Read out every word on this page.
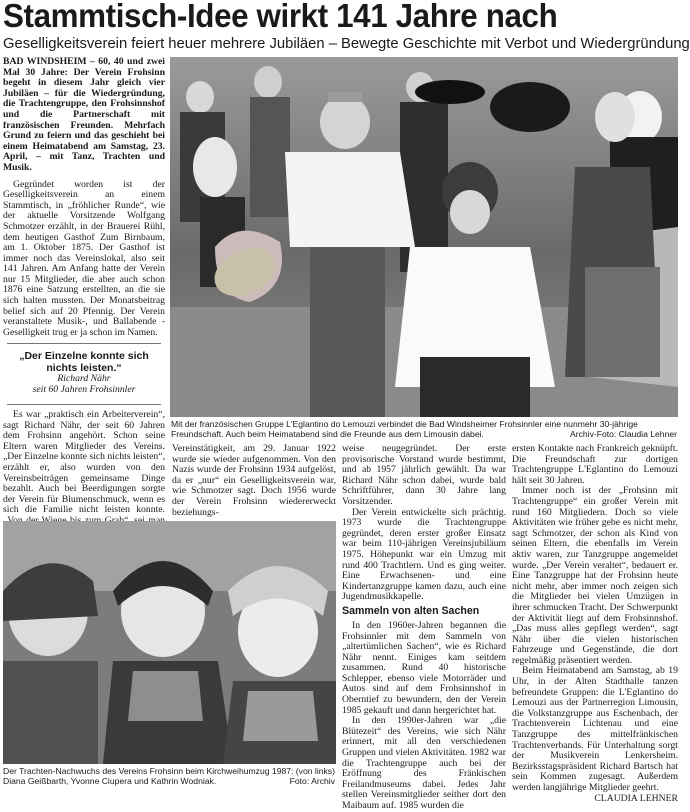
Stammtisch-Idee wirkt 141 Jahre nach
Geselligkeitsverein feiert heuer mehrere Jubiläen – Bewegte Geschichte mit Verbot und Wiedergründung

BAD WINDSHEIM – 60, 40 und zwei Mal 30 Jahre: Der Verein Frohsinn begeht in diesem Jahr gleich vier Jubiläen – für die Wiedergründung, die Trachtengruppe, den Frohsinnshof und die Partnerschaft mit französischen Freunden. Mehrfach Grund zu feiern und das geschieht bei einem Heimatabend am Samstag, 23. April, – mit Tanz, Trachten und Musik.

Gegründet worden ist der Geselligkeitsverein an einem Stammtisch, in „fröhlicher Runde“, wie der aktuelle Vorsitzende Wolfgang Schmotzer erzählt, in der Brauerei Rühl, dem heutigen Gasthof Zum Birnbaum, am 1. Oktober 1875. Der Gasthof ist immer noch das Vereinslokal, also seit 141 Jahren. Am Anfang hatte der Verein nur 15 Mitglieder, die aber auch schon 1876 eine Satzung erstellten, an die sie sich halten mussten. Der Monatsbeitrag belief sich auf 20 Pfennig. Der Verein veranstaltete Musik-, und Ballabende - Geselligkeit trug er ja schon im Namen.

„Der Einzelne konnte sich nichts leisten.“
Richard Nähr
seit 60 Jahren Frohsinnler

Es war „praktisch ein Arbeiterverein“, sagt Richard Nähr, der seit 60 Jahren dem Frohsinn angehört. Schon seine Eltern waren Mitglieder des Vereins. „Der Einzelne konnte sich nichts leisten“, erzählt er, also wurden von den Vereinsbeiträgen gemeinsame Dinge bezahlt. Auch bei Beerdigungen sorgte der Verein für Blumenschmuck, wenn es sich die Familie nicht leisten konnte.

Mit der französischen Gruppe L'Eglantino do Lemouzi verbindet die Bad Windsheimer Frohsinnler eine nunmehr 30-jährige Freundschaft. Auch beim Heimatabend sind die Freunde aus dem Limousin dabei.	Archiv-Foto: Claudia Lehner

Vereinstätigkeit, am 29. Januar 1922 wurde sie wieder aufgenommen. Von den Nazis wurde der Frohsinn 1934 aufgelöst, da er „nur“ ein Geselligkeitsverein war, wie Schmotzer sagt. Doch 1956 wurde der Verein Frohsinn wiedererweckt beziehungs-

Der Trachten-Nachwuchs des Vereins Frohsinn beim Kirchweihumzug 1987: (von links) Diana Geißbarth, Yvonne Ciupera und Kathrin Wodniak.	Foto: Archiv

weise neugegründet. Der erste provisorische Vorstand wurde bestimmt, und ab 1957 jährlich gewählt. Da war Richard Nähr schon dabei, wurde bald Schriftführer, dann 30 Jahre lang Vorsitzender.

Der Verein entwickelte sich prächtig. 1973 wurde die Trachtengruppe gegründet, deren erster großer Einsatz war beim 110-jährigen Vereinsjubiläum 1975. Höhepunkt war ein Umzug mit rund 400 Trachtlern. Und es ging weiter. Eine Erwachsenen- und eine Kindertanzgruppe kamen dazu, auch eine Jugendmusikkapelle.

Sammeln von alten Sachen

In den 1960er-Jahren begannen die Frohsinnler mit dem Sammeln von „altertümlichen Sachen“, wie es Richard Nähr nennt. Einiges kam seitdem zusammen. Rund 40 historische Schlepper, ebenso viele Motorräder und Autos sind auf dem Frohsinnshof in Oberntief zu bewundern, den der Verein 1985 gekauft und dann hergerichtet hat.

In den 1990er-Jahren war „die Blütezeit“ des Vereins, wie sich Nähr erinnert, mit all den verschiedenen Gruppen und vielen Aktivitäten. 1982 war die Trachtengruppe auch bei der Eröffnung des Fränkischen Freilandmuseums dabei. Jedes Jahr stellen Vereinsmitglieder seither dort den Maibaum auf. 1985 wurden die

ersten Kontakte nach Frankreich geknüpft. Die Freundschaft zur dortigen Trachtengruppe L'Eglantino do Lemouzi hält seit 30 Jahren.

Immer noch ist der „Frohsinn mit Trachtengruppe“ ein großer Verein mit rund 160 Mitgliedern. Doch so viele Aktivitäten wie früher gebe es nicht mehr, sagt Schmotzer, der schon als Kind von seinen Eltern, die ebenfalls im Verein aktiv waren, zur Tanzgruppe angemeldet wurde. „Der Verein veraltet“, bedauert er. Eine Tanzgruppe hat der Frohsinn heute nicht mehr, aber immer noch zeigen sich die Mitglieder bei vielen Umzügen in ihrer schmucken Tracht. Der Schwerpunkt der Aktivität liegt auf dem Frohsinnshof. „Das muss alles gepflegt werden“, sagt Nähr über die vielen historischen Fahrzeuge und Gegenstände, die dort regelmäßig präsentiert werden.

Beim Heimatabend am Samstag, ab 19 Uhr, in der Alten Stadthalle tanzen befreundete Gruppen: die L'Eglantino do Lemouzi aus der Partnerregion Limousin, die Volkstanzgruppe aus Eschenbach, der Trachtenverein Lichtenau und eine Tanzgruppe des mittelfränkischen Trachtenverbands. Für Unterhaltung sorgt der Musikverein Lenkersheim. Bezirksstagspräsident Richard Bartsch hat sein Kommen zugesagt. Außerdem werden langjährige Mitglieder geehrt.

CLAUDIA LEHNER
